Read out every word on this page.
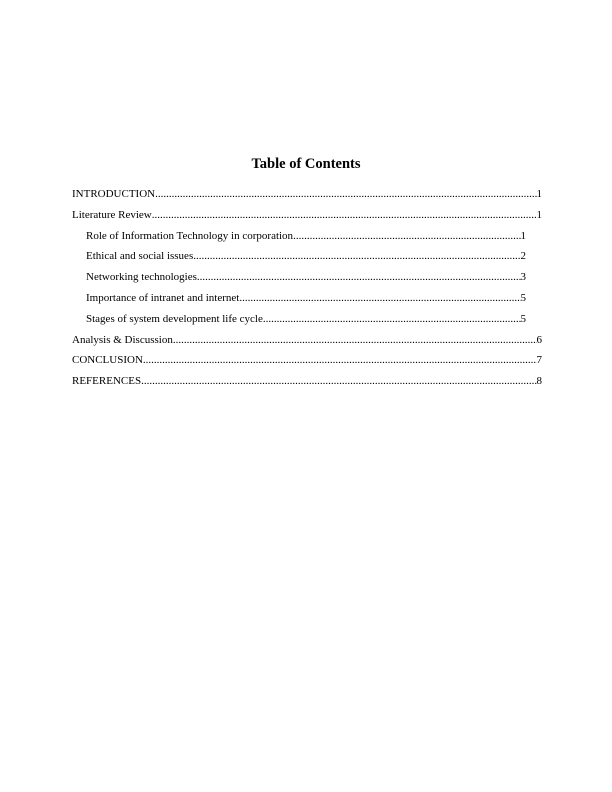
Table of Contents
INTRODUCTION .....	1
Literature Review .....	1
Role of Information Technology in corporation .....	1
Ethical and social issues .....	2
Networking technologies .....	3
Importance of intranet and internet .....	5
Stages of system development life cycle .....	5
Analysis & Discussion .....	6
CONCLUSION .....	7
REFERENCES .....	8
